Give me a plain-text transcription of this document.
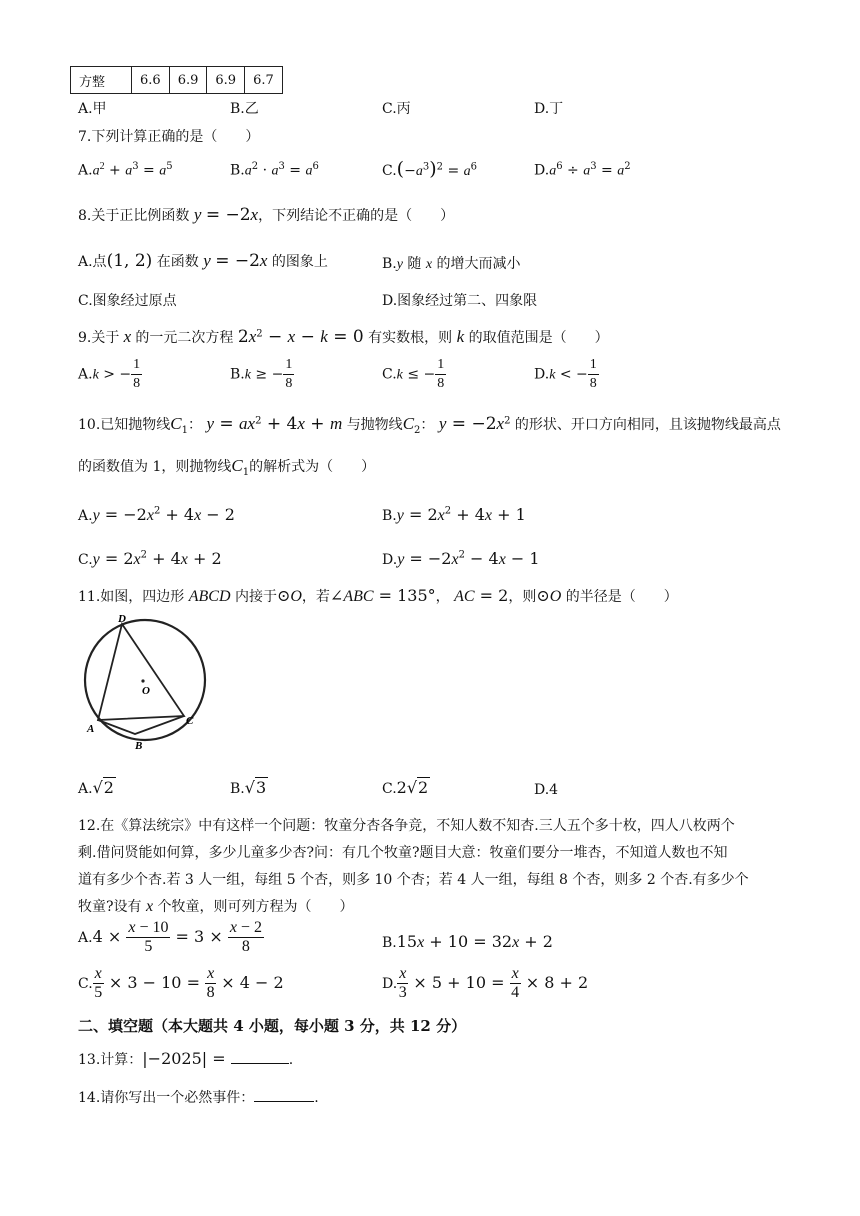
方整	6.6	6.9	6.9	6.7
A.甲	B.乙	C.丙	D.丁
7.下列计算正确的是（　　）
$A.a^2 + a^3 = a^5$	$B.a^2 \cdot a^3 = a^6$	$C.(-a^3)^2 = a^6$	$D.a^6 \div a^3 = a^2$
8.关于正比例函数 y = −2x，下列结论不正确的是（　　）
A.点(1, 2) 在函数 y = −2x 的图象上	B.y 随 x 的增大而减小
C.图象经过原点	D.图象经过第二、四象限
9.关于 x 的一元二次方程 $2x^2 - x - k = 0$ 有实数根，则 k 的取值范围是（　　）
A.k > − $\frac{1}{8}$	B.k ≥ − $\frac{1}{8}$	C.k ≤ − $\frac{1}{8}$	D.k < − $\frac{1}{8}$
10.已知抛物线$C_1$： $y = ax^2 + 4x + m$ 与抛物线$C_2$： $y = -2x^2$ 的形状、开口方向相同，且该抛物线最高点
的函数值为 1，则抛物线$C_1$的解析式为（　　）
$A.y = -2x^2 + 4x - 2$	$B.y = 2x^2 + 4x + 1$
$C.y = 2x^2 + 4x + 2$	$D.y = -2x^2 - 4x - 1$
11.如图，四边形 ABCD 内接于⊙O，若∠ABC = 135°， AC = 2，则⊙O 的半径是（　　）
D
O
A
B
C
A.√2	B.√3	C.2√2	D.4
12.在《算法统宗》中有这样一个问题：牧童分杏各争竞，不知人数不知杏.三人五个多十枚，四人八枚两个
剩.借问贤能如何算，多少儿童多少杏?问：有几个牧童?题目大意：牧童们要分一堆杏，不知道人数也不知
道有多少个杏.若 3 人一组，每组 5 个杏，则多 10 个杏；若 4 人一组，每组 8 个杏，则多 2 个杏.有多少个
牧童?设有 x 个牧童，则可列方程为（　　）
$A.4 \times \frac{x - 10}{5} = 3 \times \frac{x - 2}{8}$	B.15x + 10 = 32x + 2
C. $\frac{x}{5} \times 3 - 10 = \frac{x}{8} \times 4 - 2$	D. $\frac{x}{3} \times 5 + 10 = \frac{x}{4} \times 8 + 2$
二、填空题（本大题共 4 小题，每小题 3 分，共 12 分）
13.计算：|−2025| =	.
14.请你写出一个必然事件：	.
